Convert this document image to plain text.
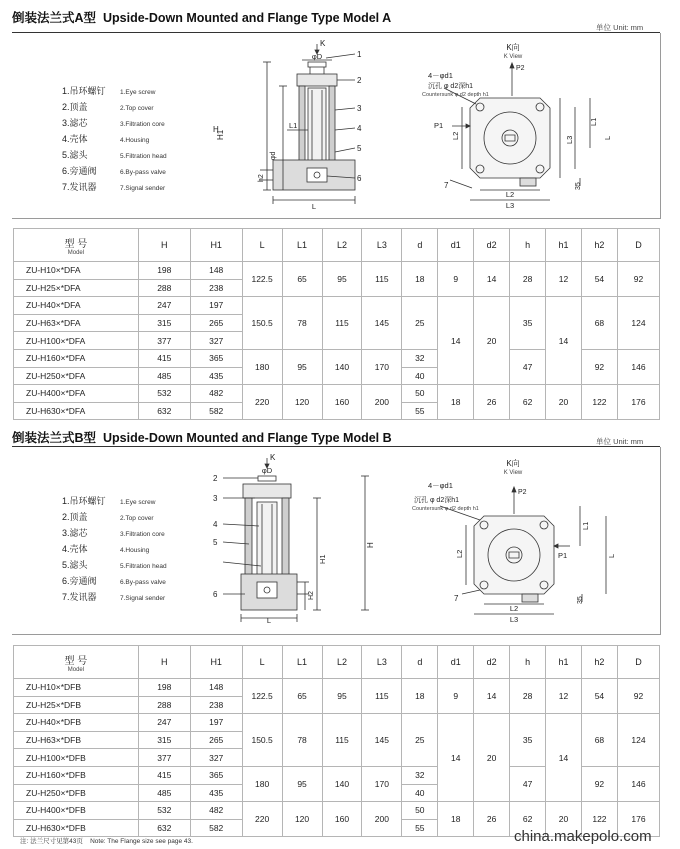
倒装法兰式A型 Upside-Down Mounted and Flange Type Model A
单位 Unit: mm
1.吊环螺钉	1.Eye screw
2.顶盖	2.Top cover
3.滤芯	3.Filtration core
4.壳体	4.Housing
5.滤头	5.Filtration head
6.旁通阀	6.By-pass valve
7.发讯器	7.Signal sender
K
φD
H
H1
h2
L1
φd
L
1
2
3
4
5
6
K向
K View
4－φd1
沉孔 φ d2深h1
Countersunk φ d2 depth h1
P2
P1
L2	L3
L1
L
35
L2
L3
7
型 号
Model	H	H1	L	L1	L2	L3	d	d1	d2	h	h1	h2	D
ZU-H10×*DFA	198	148	122.5	65	95	115	18	9	14	28	12	54	92
ZU-H25×*DFA	288	238											
ZU-H40×*DFA	247	197	150.5	78	115	145	25	14	20	35	14	68	124
ZU-H63×*DFA	315	265											
ZU-H100×*DFA	377	327											
ZU-H160×*DFA	415	365	180	95	140	170	32			47		92	146
ZU-H250×*DFA	485	435					40						
ZU-H400×*DFA	532	482	220	120	160	200	50	18	26	62	20	122	176
ZU-H630×*DFA	632	582					55						
倒装法兰式B型 Upside-Down Mounted and Flange Type Model B	单位 Unit: mm
1.吊环螺钉	1.Eye screw
2.顶盖	2.Top cover
3.滤芯	3.Filtration core
4.壳体	4.Housing
5.滤头	5.Filtration head
6.旁通阀	6.By-pass valve
7.发讯器	7.Signal sender
K
φD
2
3
4
5
6
H1
H
H2
L
K向
K View
4－φd1
沉孔 φ d2深h1
Countersunk φ d2 depth h1
P2
P1
L2
L1
L
35
L2
L3
7
型 号
Model	H	H1	L	L1	L2	L3	d	d1	d2	h	h1	h2	D
ZU-H10×*DFB	198	148	122.5	65	95	115	18	9	14	28	12	54	92
ZU-H25×*DFB	288	238											
ZU-H40×*DFB	247	197	150.5	78	115	145	25	14	20	35	14	68	124
ZU-H63×*DFB	315	265											
ZU-H100×*DFB	377	327											
ZU-H160×*DFB	415	365	180	95	140	170	32			47		92	146
ZU-H250×*DFB	485	435					40						
ZU-H400×*DFB	532	482	220	120	160	200	50	18	26	62	20	122	176
ZU-H630×*DFB	632	582					55						
注: 法兰尺寸见第43页 Note: The Flange size see page 43.	china.makepolo.com
